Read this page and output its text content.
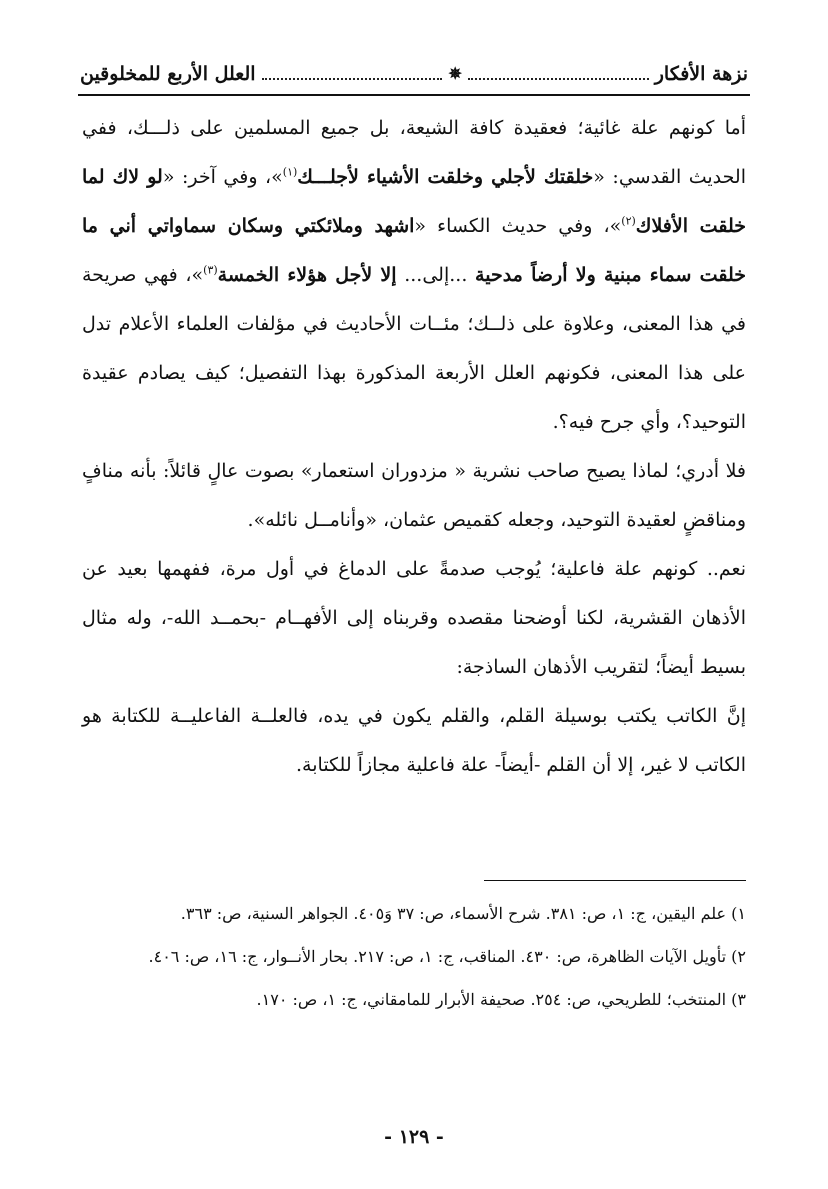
نزهة الأفكار
✵
العلل الأربع للمخلوقين

أما كونهم علة غائية؛ فعقيدة كافة الشيعة، بل جميع المسلمين على ذلـــك، ففي الحديث القدسي: «خلقتك لأجلي وخلقت الأشياء لأجلـــك$^{(١)}$»، وفي آخر: «لو لاك لما خلقت الأفلاك$^{(٢)}$»، وفي حديث الكساء «اشهد وملائكتي وسكان سماواتي أني ما خلقت سماء مبنية ولا أرضاً مدحية ...إلى... إلا لأجل هؤلاء الخمسة$^{(٣)}$»، فهي صريحة في هذا المعنى، وعلاوة على ذلــك؛ مئــات الأحاديث في مؤلفات العلماء الأعلام تدل على هذا المعنى، فكونهم العلل الأربعة المذكورة بهذا التفصيل؛ كيف يصادم عقيدة التوحيد؟، وأي جرح فيه؟.

فلا أدري؛ لماذا يصيح صاحب نشرية « مزدوران استعمار» بصوت عالٍ قائلاً: بأنه منافٍ ومناقضٍ لعقيدة التوحيد، وجعله كقميص عثمان، «وأنامــل نائله».

نعم.. كونهم علة فاعلية؛ يُوجب صدمةً على الدماغ في أول مرة، ففهمها بعيد عن الأذهان القشرية، لكنا أوضحنا مقصده وقربناه إلى الأفهــام -بحمــد الله-، وله مثال بسيط أيضاً؛ لتقريب الأذهان الساذجة:

إنَّ الكاتب يكتب بوسيلة القلم، والقلم يكون في يده، فالعلــة الفاعليــة للكتابة هو الكاتب لا غير، إلا أن القلم -أيضاً- علة فاعلية مجازاً للكتابة.

١) علم اليقين، ج: ١، ص: ٣٨١. شرح الأسماء، ص: ٣٧ وَ٤٠٥. الجواهر السنية، ص: ٣٦٣.

٢) تأويل الآيات الظاهرة، ص: ٤٣٠. المناقب، ج: ١، ص: ٢١٧. بحار الأنــوار، ج: ١٦، ص: ٤٠٦.

٣) المنتخب؛ للطريحي، ص: ٢٥٤. صحيفة الأبرار للمامقاني، ج: ١، ص: ١٧٠.

- ١٢٩ -
